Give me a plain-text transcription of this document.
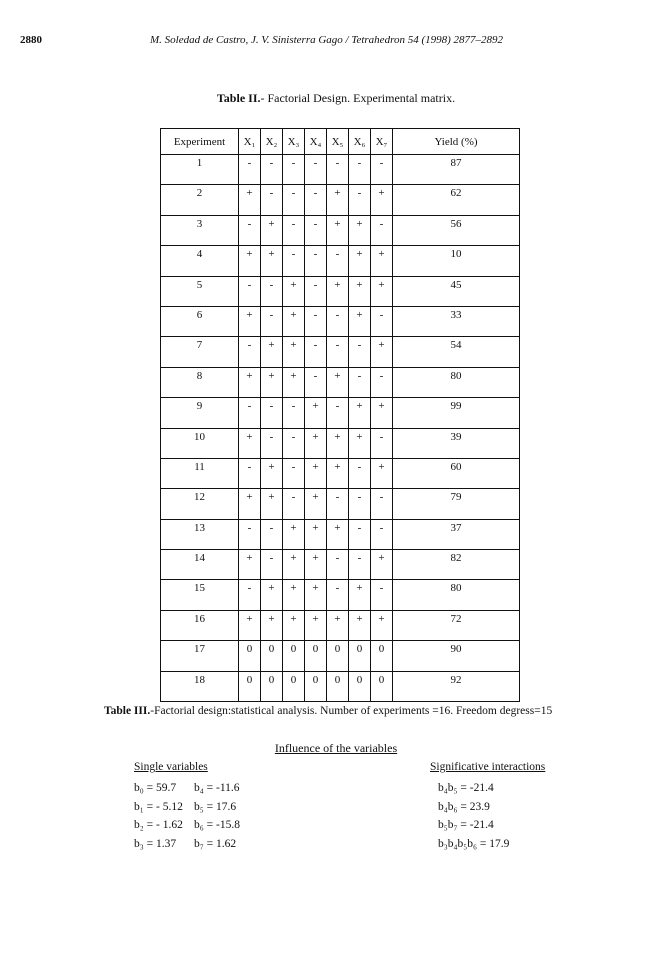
2880	M. Soledad de Castro, J. V. Sinisterra Gago / Tetrahedron 54 (1998) 2877–2892
Table II.- Factorial Design. Experimental matrix.
Experiment	X₁	X₂	X₃	X₄	X₅	X₆	X₇	Yield (%)
1	-	-	-	-	-	-	-	87
2	+	-	-	-	+	-	+	62
3	-	+	-	-	+	+	-	56
4	+	+	-	-	-	+	+	10
5	-	-	+	-	+	+	+	45
6	+	-	+	-	-	+	-	33
7	-	+	+	-	-	-	+	54
8	+	+	+	-	+	-	-	80
9	-	-	-	+	-	+	+	99
10	+	-	-	+	+	+	-	39
11	-	+	-	+	+	-	+	60
12	+	+	-	+	-	-	-	79
13	-	-	+	+	+	-	-	37
14	+	-	+	+	-	-	+	82
15	-	+	+	+	-	+	-	80
16	+	+	+	+	+	+	+	72
17	0	0	0	0	0	0	0	90
18	0	0	0	0	0	0	0	92
Table III.-Factorial design:statistical analysis. Number of experiments =16. Freedom degress=15
Influence of the variables
Single variables	Significative interactions
b₀ = 59.7
b₁ = - 5.12
b₂ = - 1.62
b₃ = 1.37
b₄ = -11.6
b₅ = 17.6
b₆ = -15.8
b₇ = 1.62
b₄b₅ = -21.4
b₄b₆ = 23.9
b₅b₇ = -21.4
b₃b₄b₅b₆ = 17.9
